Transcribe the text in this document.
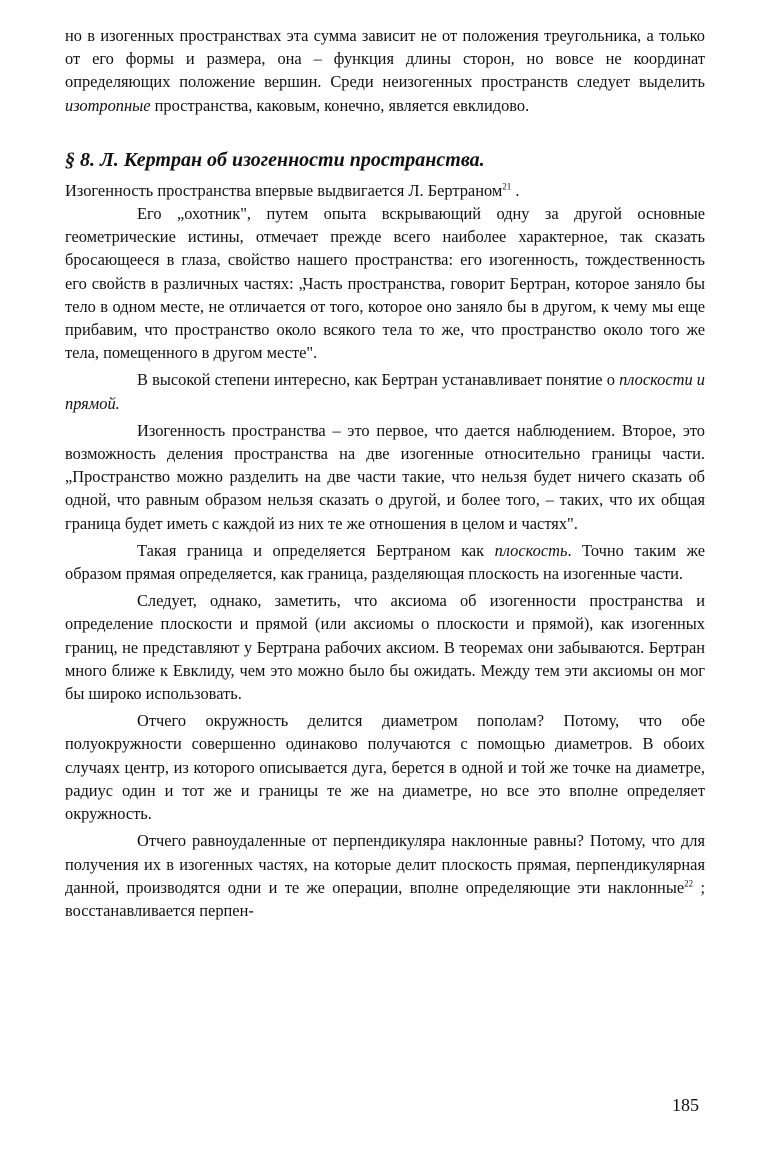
но в изогенных пространствах эта сумма зависит не от положения треугольника, а только от его формы и размера, она – функция длины сторон, но вовсе не координат определяющих положение вершин. Среди неизогенных пространств следует выделить изотропные пространства, каковым, конечно, является евклидово.

§ 8. Л. Кертран об изогенности пространства.

Изогенность пространства впервые выдвигается Л. Бертраном$^{21}$ .

Его „охотник", путем опыта вскрывающий одну за другой основные геометрические истины, отмечает прежде всего наиболее характерное, так сказать бросающееся в глаза, свойство нашего пространства: его изогенность, тождественность его свойств в различных частях: „Часть пространства, говорит Бертран, которое заняло бы тело в одном месте, не отличается от того, которое оно заняло бы в другом, к чему мы еще прибавим, что пространство около всякого тела то же, что пространство около того же тела, помещенного в другом месте".

В высокой степени интересно, как Бертран устанавливает понятие о плоскости и прямой.

Изогенность пространства – это первое, что дается наблюдением. Второе, это возможность деления пространства на две изогенные относительно границы части. „Пространство можно разделить на две части такие, что нельзя будет ничего сказать об одной, что равным образом нельзя сказать о другой, и более того, – таких, что их общая граница будет иметь с каждой из них те же отношения в целом и частях".

Такая граница и определяется Бертраном как плоскость. Точно таким же образом прямая определяется, как граница, разделяющая плоскость на изогенные части.

Следует, однако, заметить, что аксиома об изогенности пространства и определение плоскости и прямой (или аксиомы о плоскости и прямой), как изогенных границ, не представляют у Бертрана рабочих аксиом. В теоремах они забываются. Бертран много ближе к Евклиду, чем это можно было бы ожидать. Между тем эти аксиомы он мог бы широко использовать.

Отчего окружность делится диаметром пополам? Потому, что обе полуокружности совершенно одинаково получаются с помощью диаметров. В обоих случаях центр, из которого описывается дуга, берется в одной и той же точке на диаметре, радиус один и тот же и границы те же на диаметре, но все это вполне определяет окружность.

Отчего равноудаленные от перпендикуляра наклонные равны? Потому, что для получения их в изогенных частях, на которые делит плоскость прямая, перпендикулярная данной, производятся одни и те же операции, вполне определяющие эти наклонные$^{22}$ ; восстанавливается перпен-

185
